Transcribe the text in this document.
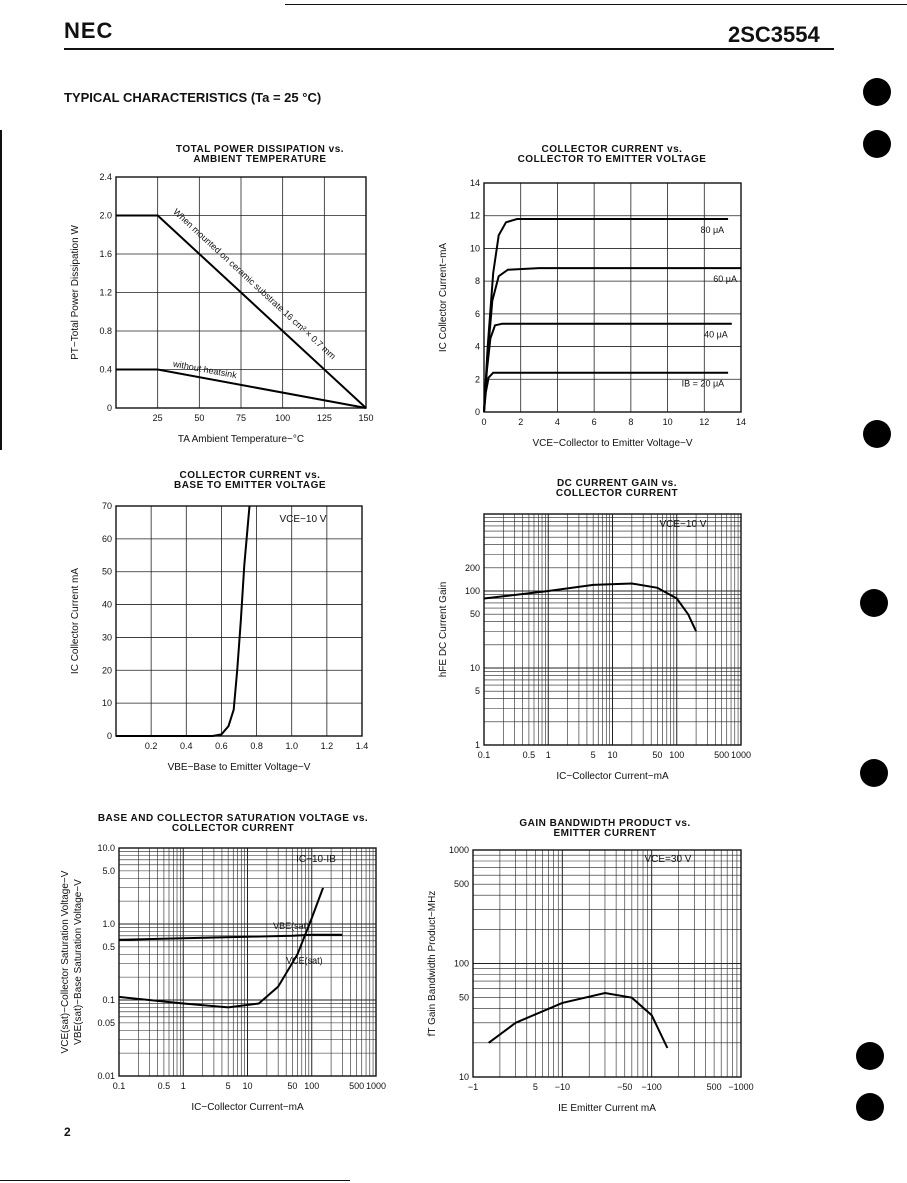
NEC	2SC3554
TYPICAL CHARACTERISTICS (Ta = 25 °C)
25	50	75	100	125	150
0
0.4
0.8
1.2
1.6
2.0
2.4
TA Ambient Temperature−°C
PT−Total Power Dissipation W
TOTAL POWER DISSIPATION vs.
AMBIENT TEMPERATURE
When mounted on ceramic substrate 16 cm² × 0.7 mm
without heatsink
0	2	4	6	8	10	12	14
0
2
4
6
8
10
12
14
VCE−Collector to Emitter Voltage−V
IC Collector Current−mA
COLLECTOR CURRENT vs.
COLLECTOR TO EMITTER VOLTAGE
80 μA
60 μA
40 μA
IB = 20 μA
0.2	0.4	0.6	0.8	1.0	1.2	1.4
0
10
20
30
40
50
60
70
VBE−Base to Emitter Voltage−V
IC Collector Current mA
COLLECTOR CURRENT vs.
BASE TO EMITTER VOLTAGE
VCE−10 V
0.1	0.5 1	5 10	50 100	500 1000
1
5
10
50
100
200
IC−Collector Current−mA
hFE DC Current Gain
DC CURRENT GAIN vs.
COLLECTOR CURRENT
VCE−10 V
0.1	0.5 1	5 10	50 100	500 1000
0.01
0.05
0.1
0.5
1.0
5.0
10.0
IC−Collector Current−mA
VCE(sat)−Collector Saturation Voltage−V VBE(sat)−Base Saturation Voltage−V
BASE AND COLLECTOR SATURATION VOLTAGE vs.
COLLECTOR CURRENT
IC−10·IB
VBE(sat)
VCE(sat)
−1	5 −10	−50 −100	500 −1000
10
50
100
500
1000
IE Emitter Current mA
fT Gain Bandwidth Product−MHz
GAIN BANDWIDTH PRODUCT vs.
EMITTER CURRENT
VCE=30 V
2
